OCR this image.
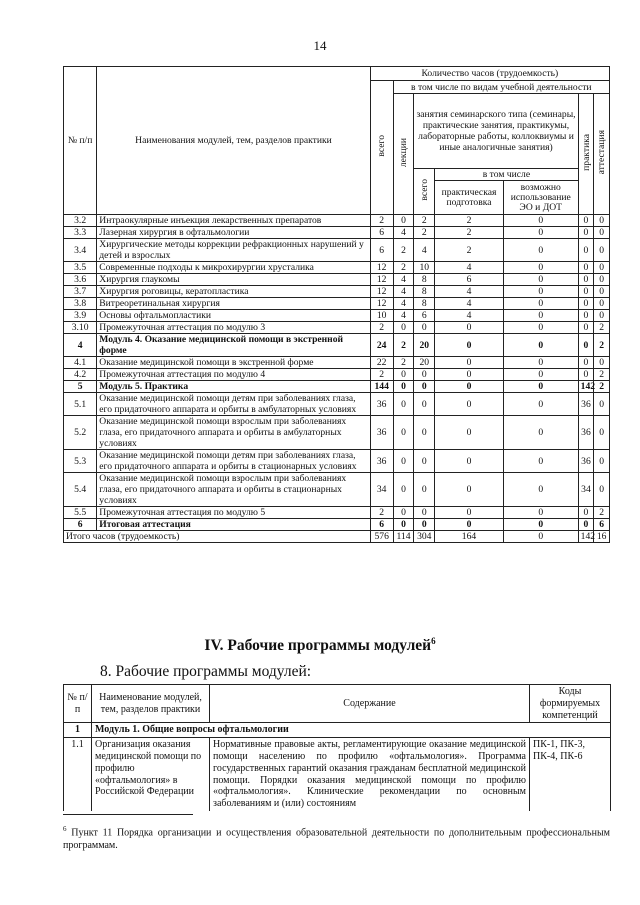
14
№ п/п	Наименования модулей, тем, разделов практики	Количество часов (трудоемкость)						
		всего	в том числе по видам учебной деятельности					
			лекции	занятия семинарского типа (семинары, практические занятия, практикумы, лабораторные работы, коллоквиумы и иные аналогичные занятия)			практика	аттестация
				всего	в том числе			
					практическая подготовка	возможно использование ЭО и ДОТ		
3.2	Интраокулярные инъекция лекарственных препаратов	2	0	2	2	0	0	0
3.3	Лазерная хирургия в офтальмологии	6	4	2	2	0	0	0
3.4	Хирургические методы коррекции рефракционных нарушений у детей и взрослых	6	2	4	2	0	0	0
3.5	Современные подходы к микрохирургии хрусталика	12	2	10	4	0	0	0
3.6	Хирургия глаукомы	12	4	8	6	0	0	0
3.7	Хирургия роговицы, кератопластика	12	4	8	4	0	0	0
3.8	Витреоретинальная хирургия	12	4	8	4	0	0	0
3.9	Основы офтальмопластики	10	4	6	4	0	0	0
3.10	Промежуточная аттестация по модулю 3	2	0	0	0	0	0	2
4	Модуль 4. Оказание медицинской помощи в экстренной форме	24	2	20	0	0	0	2
4.1	Оказание медицинской помощи в экстренной форме	22	2	20	0	0	0	0
4.2	Промежуточная аттестация по модулю 4	2	0	0	0	0	0	2
5	Модуль 5. Практика	144	0	0	0	0	142	2
5.1	Оказание медицинской помощи детям при заболеваниях глаза, его придаточного аппарата и орбиты в амбулаторных условиях	36	0	0	0	0	36	0
5.2	Оказание медицинской помощи взрослым при заболеваниях глаза, его придаточного аппарата и орбиты в амбулаторных условиях	36	0	0	0	0	36	0
5.3	Оказание медицинской помощи детям при заболеваниях глаза, его придаточного аппарата и орбиты в стационарных условиях	36	0	0	0	0	36	0
5.4	Оказание медицинской помощи взрослым при заболеваниях глаза, его придаточного аппарата и орбиты в стационарных условиях	34	0	0	0	0	34	0
5.5	Промежуточная аттестация по модулю 5	2	0	0	0	0	0	2
6	Итоговая аттестация	6	0	0	0	0	0	6
Итого часов (трудоемкость)		576	114	304	164	0	142	16
IV. Рабочие программы модулей$^6$
8. Рабочие программы модулей:
№ п/п	Наименование модулей, тем, разделов практики	Содержание	Коды формируемых компетенций
1	Модуль 1. Общие вопросы офтальмологии		
1.1	Организация оказания медицинской помощи по профилю «офтальмология» в Российской Федерации	Нормативные правовые акты, регламентирующие оказание медицинской помощи населению по профилю «офтальмология». Программа государственных гарантий оказания гражданам бесплатной медицинской помощи. Порядки оказания медицинской помощи по профилю «офтальмология». Клинические рекомендации по основным заболеваниям и (или) состояниям	ПК-1, ПК-3, ПК-4, ПК-6
$^6$ Пункт 11 Порядка организации и осуществления образовательной деятельности по дополнительным профессиональным программам.
